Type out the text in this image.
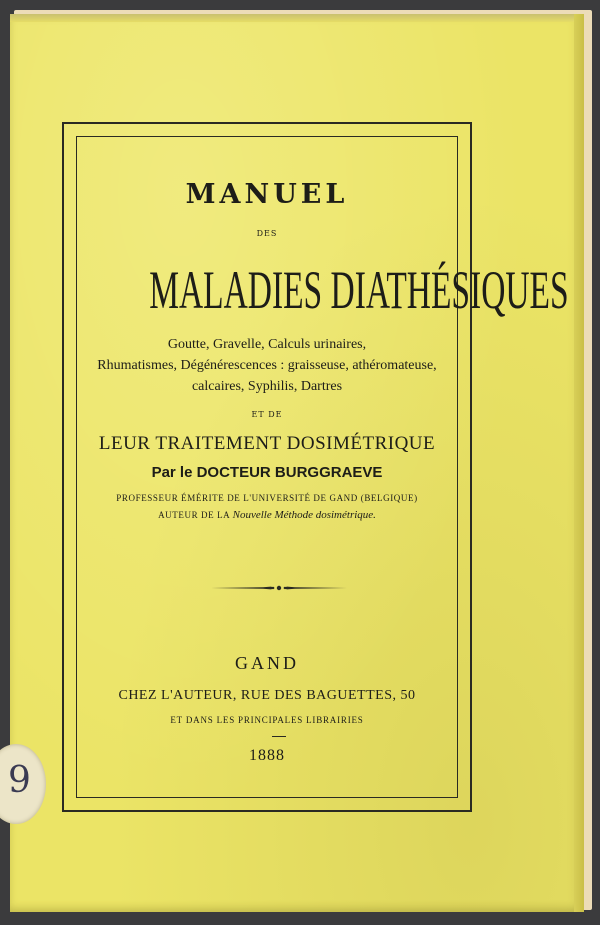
MANUEL
DES
MALADIES DIATHÉSIQUES
Goutte, Gravelle, Calculs urinaires,
Rhumatismes, Dégénérescences : graisseuse, athéromateuse,
calcaires, Syphilis, Dartres
ET DE
LEUR TRAITEMENT DOSIMÉTRIQUE
Par le DOCTEUR BURGGRAEVE
PROFESSEUR ÉMÉRITE DE L'UNIVERSITÉ DE GAND (BELGIQUE)
AUTEUR DE LA Nouvelle Méthode dosimétrique.
GAND
CHEZ L'AUTEUR, RUE DES BAGUETTES, 50
ET DANS LES PRINCIPALES LIBRAIRIES
1888
9
